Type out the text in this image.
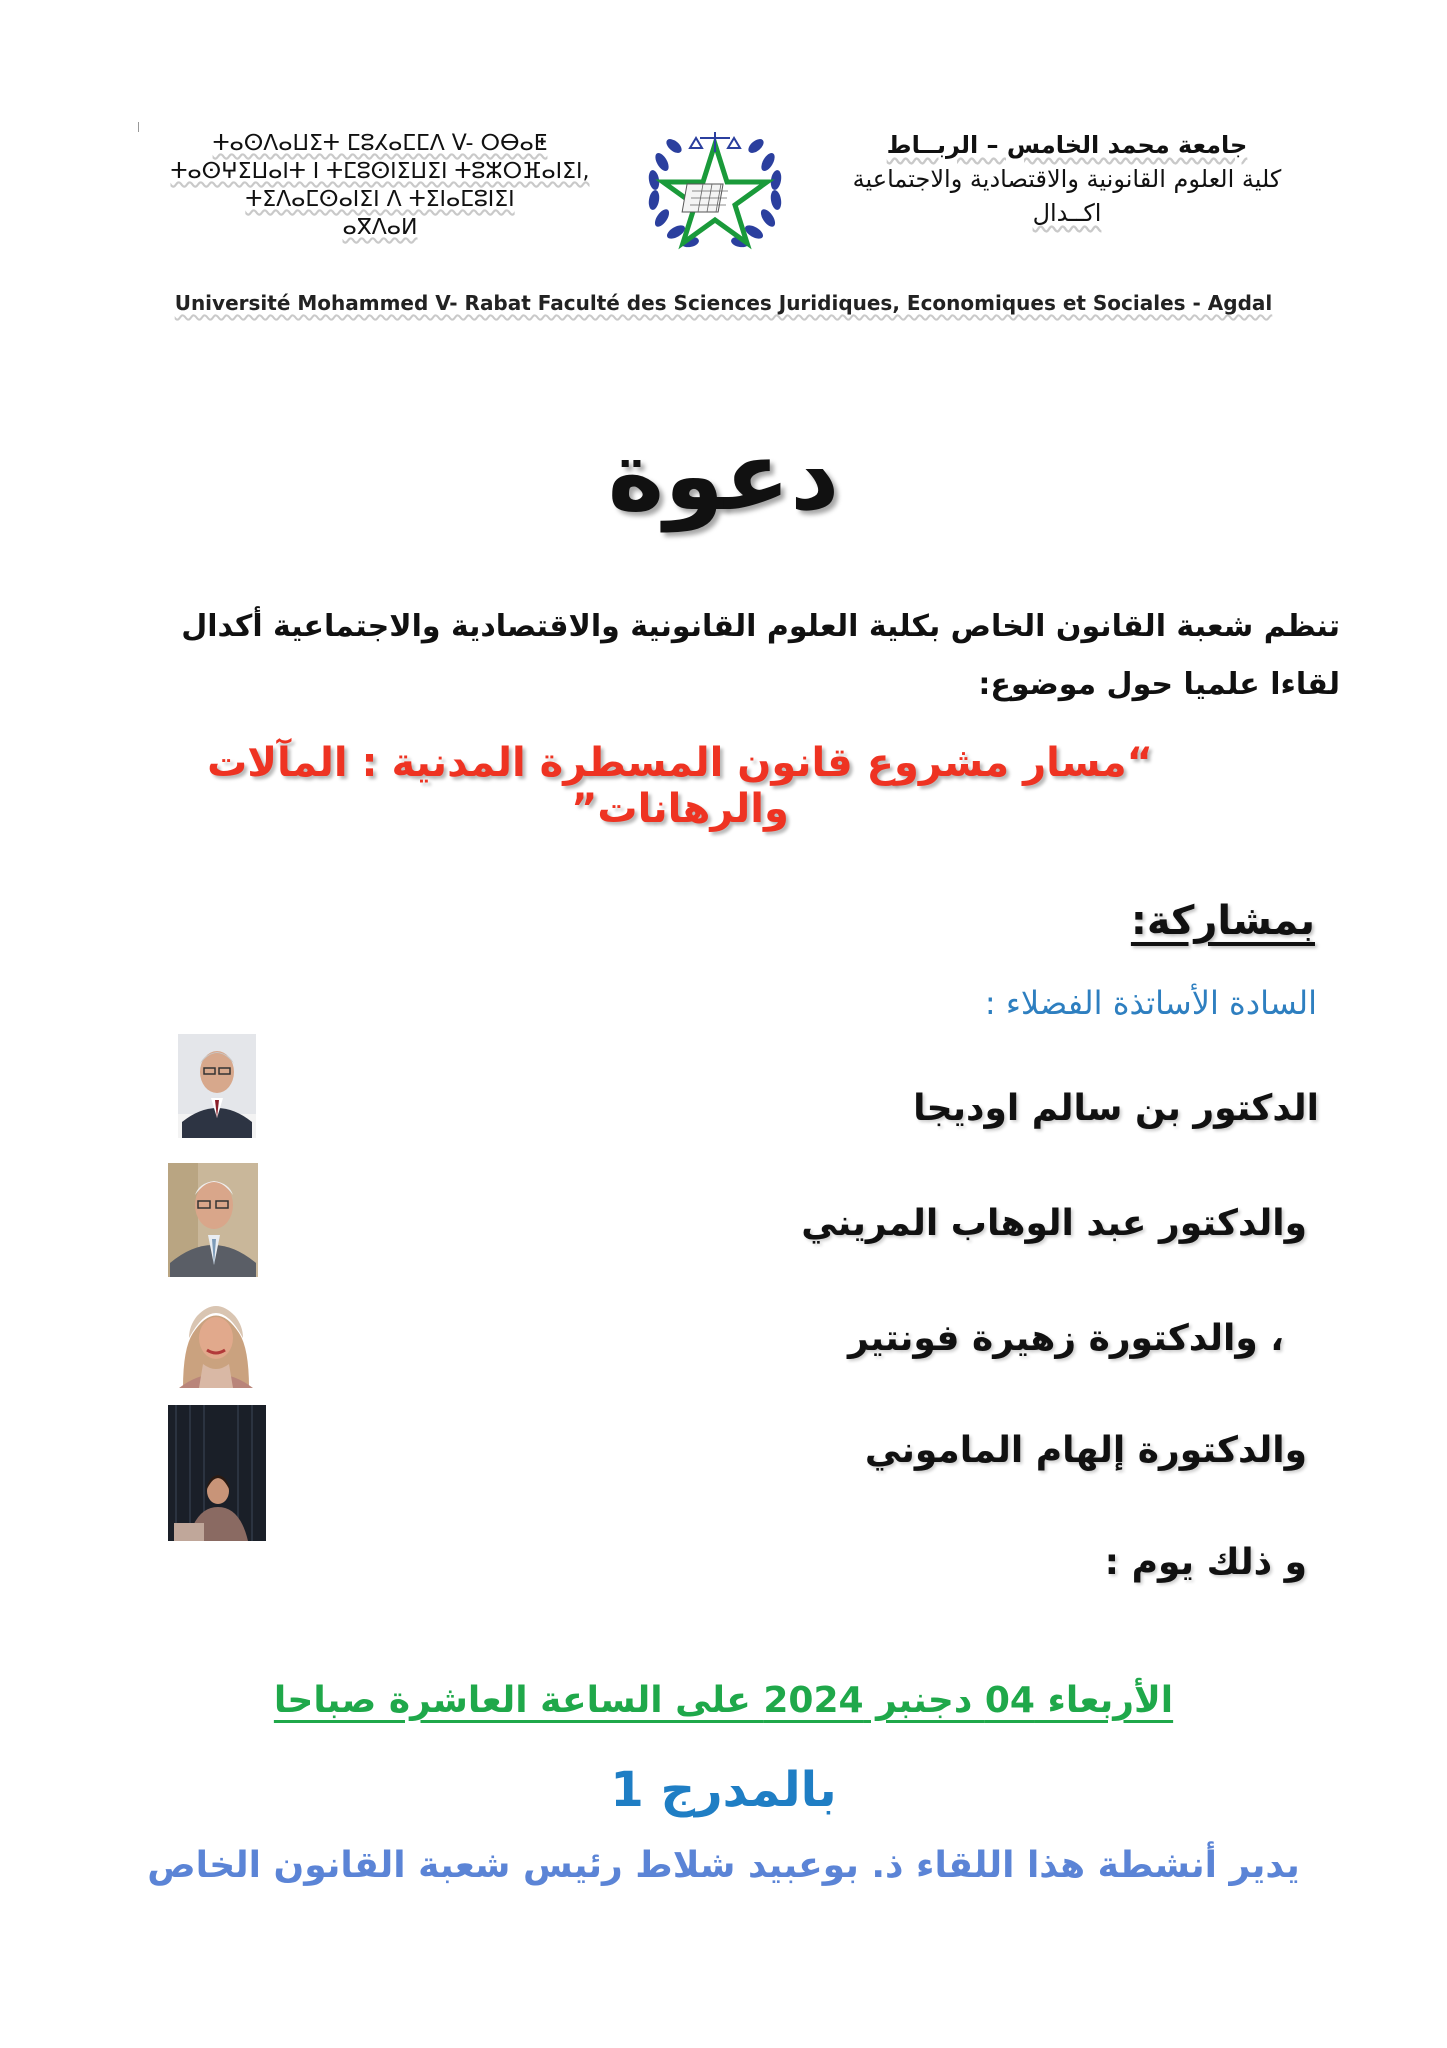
ⵜⴰⵙⴷⴰⵡⵉⵜ ⵎⵓⵃⴰⵎⵎⴷ V- ⵔⴱⴰⵟ
ⵜⴰⵙⵖⵉⵡⴰⵏⵜ ⵏ ⵜⵎⵓⵙⵏⵉⵡⵉⵏ ⵜⵓⵣⵔⴼⴰⵏⵉⵏ,
ⵜⵉⴷⴰⵎⵙⴰⵏⵉⵏ ⴷ ⵜⵉⵏⴰⵎⵓⵏⵉⵏ
ⴰⴳⴷⴰⵍ
جامعة محمد الخامس – الربــاط
كلية العلوم القانونية والاقتصادية والاجتماعية
اكــدال
Université Mohammed V- Rabat Faculté des Sciences Juridiques, Economiques et Sociales - Agdal
دعوة
تنظم شعبة القانون الخاص بكلية العلوم القانونية والاقتصادية والاجتماعية أكدال لقاءا علميا حول موضوع:
“مسار مشروع قانون المسطرة المدنية : المآلات والرهانات”
بمشاركة:
السادة الأساتذة الفضلاء :
الدكتور بن سالم اوديجا
والدكتور عبد الوهاب المريني
، والدكتورة زهيرة فونتير
والدكتورة إلهام الماموني
و ذلك يوم :
الأربعاء 04 دجنبر 2024 على الساعة العاشرة صباحا
بالمدرج 1
يدير أنشطة هذا اللقاء ذ. بوعبيد شلاط رئيس شعبة القانون الخاص
